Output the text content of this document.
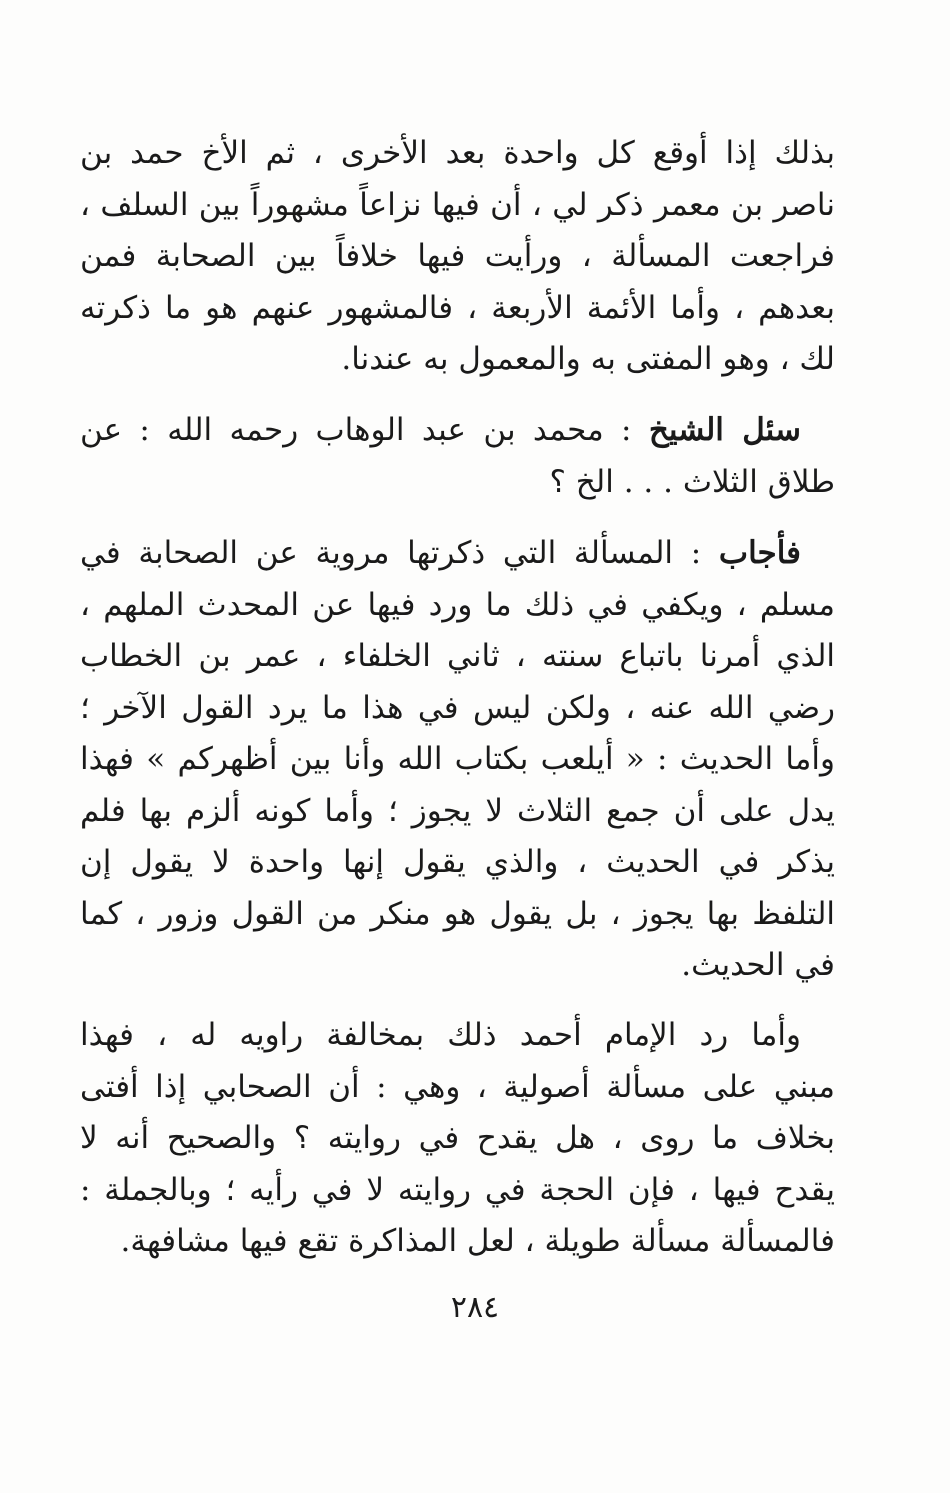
بذلك إذا أوقع كل واحدة بعد الأخرى ، ثم الأخ حمد بن
ناصر بن معمر ذكر لي ، أن فيها نزاعاً مشهوراً بين السلف ،
فراجعت المسألة ، ورأيت فيها خلافاً بين الصحابة فمن
بعدهم ، وأما الأئمة الأربعة ، فالمشهور عنهم هو ما ذكرته
لك ، وهو المفتى به والمعمول به عندنا.
سئل الشيخ : محمد بن عبد الوهاب رحمه الله : عن
طلاق الثلاث . . . الخ ؟
فأجاب : المسألة التي ذكرتها مروية عن الصحابة في
مسلم ، ويكفي في ذلك ما ورد فيها عن المحدث الملهم ،
الذي أمرنا باتباع سنته ، ثاني الخلفاء ، عمر بن الخطاب
رضي الله عنه ، ولكن ليس في هذا ما يرد القول الآخر ؛
وأما الحديث : « أيلعب بكتاب الله وأنا بين أظهركم » فهذا
يدل على أن جمع الثلاث لا يجوز ؛ وأما كونه ألزم بها فلم
يذكر في الحديث ، والذي يقول إنها واحدة لا يقول إن
التلفظ بها يجوز ، بل يقول هو منكر من القول وزور ، كما
في الحديث.
وأما رد الإمام أحمد ذلك بمخالفة راويه له ، فهذا
مبني على مسألة أصولية ، وهي : أن الصحابي إذا أفتى
بخلاف ما روى ، هل يقدح في روايته ؟ والصحيح أنه لا
يقدح فيها ، فإن الحجة في روايته لا في رأيه ؛ وبالجملة :
فالمسألة مسألة طويلة ، لعل المذاكرة تقع فيها مشافهة.
٢٨٤
